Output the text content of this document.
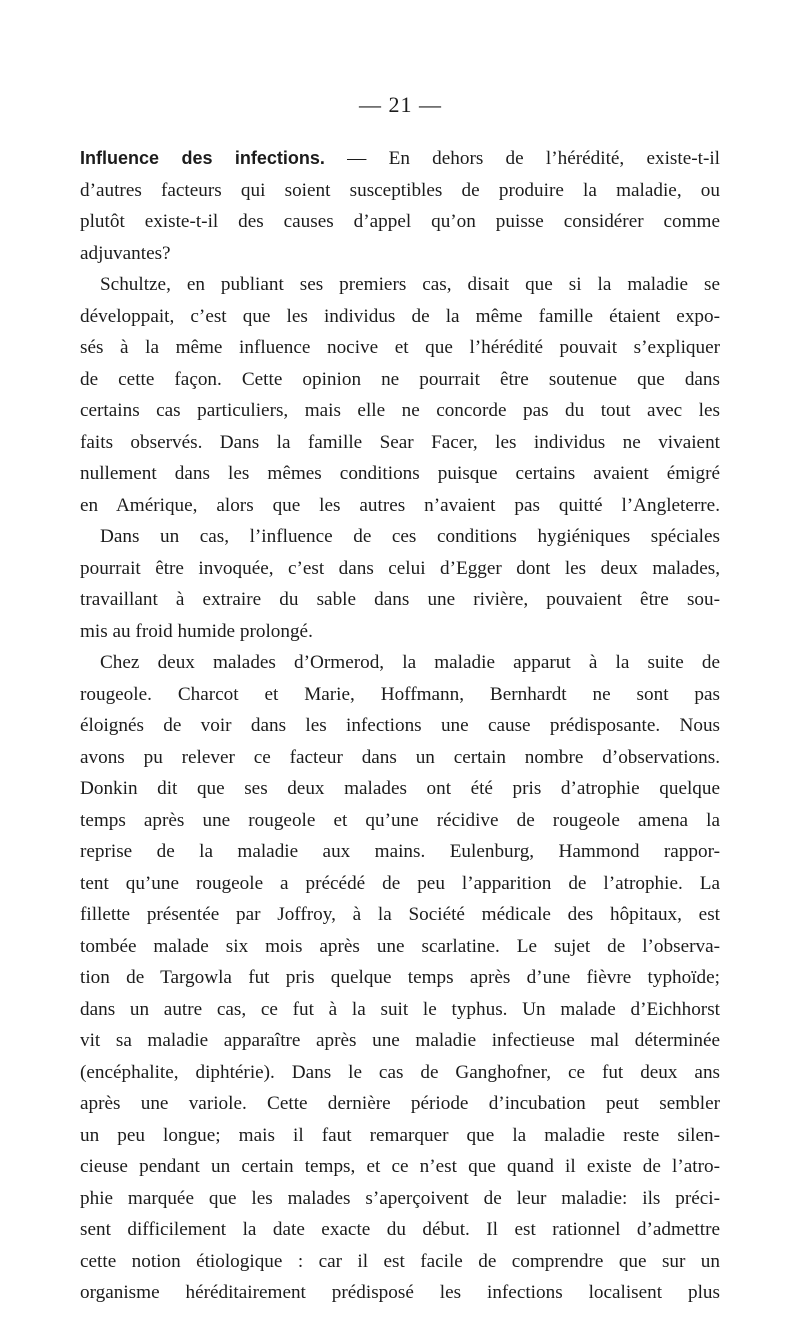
— 21 —
Influence des infections. — En dehors de l’hérédité, existe-t-il
d’autres facteurs qui soient susceptibles de produire la maladie, ou
plutôt existe-t-il des causes d’appel qu’on puisse considérer comme
adjuvantes?
Schultze, en publiant ses premiers cas, disait que si la maladie se
développait, c’est que les individus de la même famille étaient expo-
sés à la même influence nocive et que l’hérédité pouvait s’expliquer
de cette façon. Cette opinion ne pourrait être soutenue que dans
certains cas particuliers, mais elle ne concorde pas du tout avec les
faits observés. Dans la famille Sear Facer, les individus ne vivaient
nullement dans les mêmes conditions puisque certains avaient émigré
en Amérique, alors que les autres n’avaient pas quitté l’Angleterre.
Dans un cas, l’influence de ces conditions hygiéniques spéciales
pourrait être invoquée, c’est dans celui d’Egger dont les deux malades,
travaillant à extraire du sable dans une rivière, pouvaient être sou-
mis au froid humide prolongé.
Chez deux malades d’Ormerod, la maladie apparut à la suite de
rougeole. Charcot et Marie, Hoffmann, Bernhardt ne sont pas
éloignés de voir dans les infections une cause prédisposante. Nous
avons pu relever ce facteur dans un certain nombre d’observations.
Donkin dit que ses deux malades ont été pris d’atrophie quelque
temps après une rougeole et qu’une récidive de rougeole amena la
reprise de la maladie aux mains. Eulenburg, Hammond rappor-
tent qu’une rougeole a précédé de peu l’apparition de l’atrophie. La
fillette présentée par Joffroy, à la Société médicale des hôpitaux, est
tombée malade six mois après une scarlatine. Le sujet de l’observa-
tion de Targowla fut pris quelque temps après d’une fièvre typhoïde;
dans un autre cas, ce fut à la suit le typhus. Un malade d’Eichhorst
vit sa maladie apparaître après une maladie infectieuse mal déterminée
(encéphalite, diphtérie). Dans le cas de Ganghofner, ce fut deux ans
après une variole. Cette dernière période d’incubation peut sembler
un peu longue; mais il faut remarquer que la maladie reste silen-
cieuse pendant un certain temps, et ce n’est que quand il existe de l’atro-
phie marquée que les malades s’aperçoivent de leur maladie: ils préci-
sent difficilement la date exacte du début. Il est rationnel d’admettre
cette notion étiologique : car il est facile de comprendre que sur un
organisme héréditairement prédisposé les infections localisent plus
